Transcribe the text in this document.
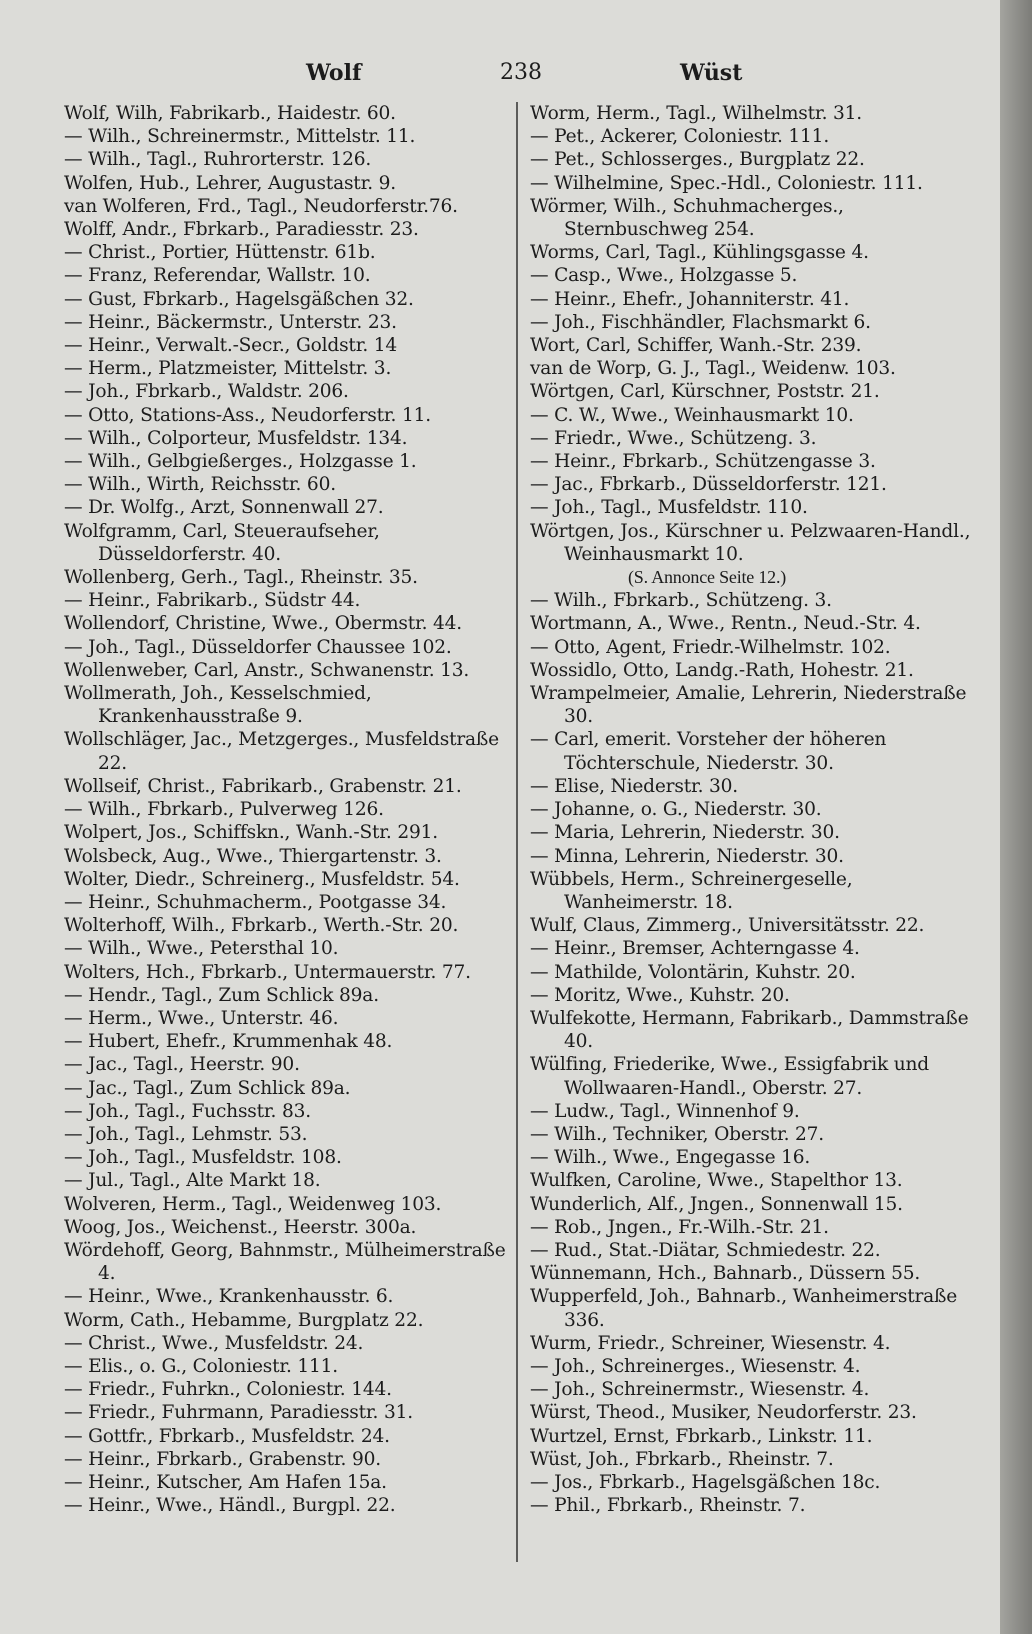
Wolf	238	Wüst
Wolf, Wilh, Fabrikarb., Haidestr. 60.
— Wilh., Schreinermstr., Mittelstr. 11.
— Wilh., Tagl., Ruhrorterstr. 126.
Wolfen, Hub., Lehrer, Augustastr. 9.
van Wolferen, Frd., Tagl., Neudorferstr.76.
Wolff, Andr., Fbrkarb., Paradiesstr. 23.
— Christ., Portier, Hüttenstr. 61b.
— Franz, Referendar, Wallstr. 10.
— Gust, Fbrkarb., Hagelsgäßchen 32.
— Heinr., Bäckermstr., Unterstr. 23.
— Heinr., Verwalt.-Secr., Goldstr. 14
— Herm., Platzmeister, Mittelstr. 3.
— Joh., Fbrkarb., Waldstr. 206.
— Otto, Stations-Ass., Neudorferstr. 11.
— Wilh., Colporteur, Musfeldstr. 134.
— Wilh., Gelbgießerges., Holzgasse 1.
— Wilh., Wirth, Reichsstr. 60.
— Dr. Wolfg., Arzt, Sonnenwall 27.
Wolfgramm, Carl, Steueraufseher, Düsseldorferstr. 40.
Wollenberg, Gerh., Tagl., Rheinstr. 35.
— Heinr., Fabrikarb., Südstr 44.
Wollendorf, Christine, Wwe., Obermstr. 44.
— Joh., Tagl., Düsseldorfer Chaussee 102.
Wollenweber, Carl, Anstr., Schwanenstr. 13.
Wollmerath, Joh., Kesselschmied, Krankenhausstraße 9.
Wollschläger, Jac., Metzgerges., Musfeldstraße 22.
Wollseif, Christ., Fabrikarb., Grabenstr. 21.
— Wilh., Fbrkarb., Pulverweg 126.
Wolpert, Jos., Schiffskn., Wanh.-Str. 291.
Wolsbeck, Aug., Wwe., Thiergartenstr. 3.
Wolter, Diedr., Schreinerg., Musfeldstr. 54.
— Heinr., Schuhmacherm., Pootgasse 34.
Wolterhoff, Wilh., Fbrkarb., Werth.-Str. 20.
— Wilh., Wwe., Petersthal 10.
Wolters, Hch., Fbrkarb., Untermauerstr. 77.
— Hendr., Tagl., Zum Schlick 89a.
— Herm., Wwe., Unterstr. 46.
— Hubert, Ehefr., Krummenhak 48.
— Jac., Tagl., Heerstr. 90.
— Jac., Tagl., Zum Schlick 89a.
— Joh., Tagl., Fuchsstr. 83.
— Joh., Tagl., Lehmstr. 53.
— Joh., Tagl., Musfeldstr. 108.
— Jul., Tagl., Alte Markt 18.
Wolveren, Herm., Tagl., Weidenweg 103.
Woog, Jos., Weichenst., Heerstr. 300a.
Wördehoff, Georg, Bahnmstr., Mülheimerstraße 4.
— Heinr., Wwe., Krankenhausstr. 6.
Worm, Cath., Hebamme, Burgplatz 22.
— Christ., Wwe., Musfeldstr. 24.
— Elis., o. G., Coloniestr. 111.
— Friedr., Fuhrkn., Coloniestr. 144.
— Friedr., Fuhrmann, Paradiesstr. 31.
— Gottfr., Fbrkarb., Musfeldstr. 24.
— Heinr., Fbrkarb., Grabenstr. 90.
— Heinr., Kutscher, Am Hafen 15a.
— Heinr., Wwe., Händl., Burgpl. 22.
Worm, Herm., Tagl., Wilhelmstr. 31.
— Pet., Ackerer, Coloniestr. 111.
— Pet., Schlosserges., Burgplatz 22.
— Wilhelmine, Spec.-Hdl., Coloniestr. 111.
Wörmer, Wilh., Schuhmacherges., Sternbuschweg 254.
Worms, Carl, Tagl., Kühlingsgasse 4.
— Casp., Wwe., Holzgasse 5.
— Heinr., Ehefr., Johanniterstr. 41.
— Joh., Fischhändler, Flachsmarkt 6.
Wort, Carl, Schiffer, Wanh.-Str. 239.
van de Worp, G. J., Tagl., Weidenw. 103.
Wörtgen, Carl, Kürschner, Poststr. 21.
— C. W., Wwe., Weinhausmarkt 10.
— Friedr., Wwe., Schützeng. 3.
— Heinr., Fbrkarb., Schützengasse 3.
— Jac., Fbrkarb., Düsseldorferstr. 121.
— Joh., Tagl., Musfeldstr. 110.
Wörtgen, Jos., Kürschner u. Pelzwaaren-Handl., Weinhausmarkt 10.
(S. Annonce Seite 12.)
— Wilh., Fbrkarb., Schützeng. 3.
Wortmann, A., Wwe., Rentn., Neud.-Str. 4.
— Otto, Agent, Friedr.-Wilhelmstr. 102.
Wossidlo, Otto, Landg.-Rath, Hohestr. 21.
Wrampelmeier, Amalie, Lehrerin, Niederstraße 30.
— Carl, emerit. Vorsteher der höheren Töchterschule, Niederstr. 30.
— Elise, Niederstr. 30.
— Johanne, o. G., Niederstr. 30.
— Maria, Lehrerin, Niederstr. 30.
— Minna, Lehrerin, Niederstr. 30.
Wübbels, Herm., Schreinergeselle, Wanheimerstr. 18.
Wulf, Claus, Zimmerg., Universitätsstr. 22.
— Heinr., Bremser, Achterngasse 4.
— Mathilde, Volontärin, Kuhstr. 20.
— Moritz, Wwe., Kuhstr. 20.
Wulfekotte, Hermann, Fabrikarb., Dammstraße 40.
Wülfing, Friederike, Wwe., Essigfabrik und Wollwaaren-Handl., Oberstr. 27.
— Ludw., Tagl., Winnenhof 9.
— Wilh., Techniker, Oberstr. 27.
— Wilh., Wwe., Engegasse 16.
Wulfken, Caroline, Wwe., Stapelthor 13.
Wunderlich, Alf., Jngen., Sonnenwall 15.
— Rob., Jngen., Fr.-Wilh.-Str. 21.
— Rud., Stat.-Diätar, Schmiedestr. 22.
Wünnemann, Hch., Bahnarb., Düssern 55.
Wupperfeld, Joh., Bahnarb., Wanheimerstraße 336.
Wurm, Friedr., Schreiner, Wiesenstr. 4.
— Joh., Schreinerges., Wiesenstr. 4.
— Joh., Schreinermstr., Wiesenstr. 4.
Würst, Theod., Musiker, Neudorferstr. 23.
Wurtzel, Ernst, Fbrkarb., Linkstr. 11.
Wüst, Joh., Fbrkarb., Rheinstr. 7.
— Jos., Fbrkarb., Hagelsgäßchen 18c.
— Phil., Fbrkarb., Rheinstr. 7.
